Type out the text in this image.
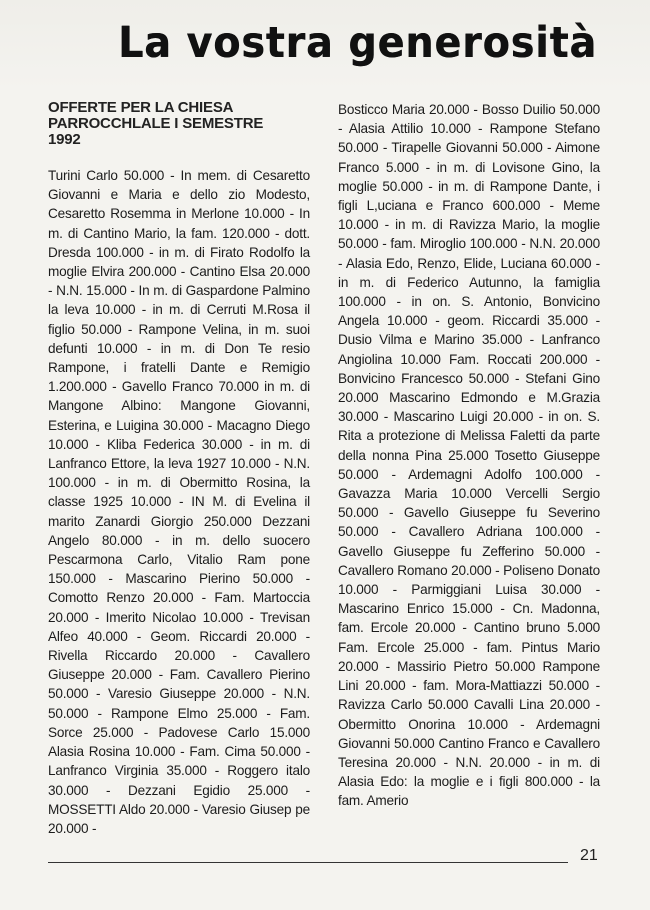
La vostra generosità
OFFERTE PER LA CHIESA PARROCCHLALE I SEMESTRE 1992

Turini Carlo 50.000 - In mem. di Cesaretto Giovanni e Maria e dello zio Modesto, Cesaretto Rosemma in Merlone 10.000 - In m. di Cantino Mario, la fam. 120.000 - dott. Dresda 100.000 - in m. di Firato Rodolfo la moglie Elvira 200.000 - Cantino Elsa 20.000 - N.N. 15.000 - In m. di Gaspardone Palmino la leva 10.000 - in m. di Cerruti M.Rosa il figlio 50.000 - Rampone Velina, in m. suoi defunti 10.000 - in m. di Don Te resio Rampone, i fratelli Dante e Remigio 1.200.000 - Gavello Franco 70.000 in m. di Mangone Albino: Mangone Giovanni, Esterina, e Luigina 30.000 - Macagno Diego 10.000 - Kliba Federica 30.000 - in m. di Lanfranco Ettore, la leva 1927 10.000 - N.N. 100.000 - in m. di Obermitto Rosina, la classe 1925 10.000 - IN M. di Evelina il marito Zanardi Giorgio 250.000 Dezzani Angelo 80.000 - in m. dello suocero Pescarmona Carlo, Vitalio Ram pone 150.000 - Mascarino Pierino 50.000 - Comotto Renzo 20.000 - Fam. Martoccia 20.000 - Imerito Nicolao 10.000 - Trevisan Alfeo 40.000 - Geom. Riccardi 20.000 - Rivella Riccardo 20.000 - Cavallero Giuseppe 20.000 - Fam. Cavallero Pierino 50.000 - Varesio Giuseppe 20.000 - N.N. 50.000 - Rampone Elmo 25.000 - Fam. Sorce 25.000 - Padovese Carlo 15.000 Alasia Rosina 10.000 - Fam. Cima 50.000 - Lanfranco Virginia 35.000 - Roggero italo 30.000 - Dezzani Egidio 25.000 - MOSSETTI Aldo 20.000 - Varesio Giusep pe 20.000 -

Bosticco Maria 20.000 - Bosso Duilio 50.000 - Alasia Attilio 10.000 - Rampone Stefano 50.000 - Tirapelle Giovanni 50.000 - Aimone Franco 5.000 - in m. di Lovisone Gino, la moglie 50.000 - in m. di Rampone Dante, i figli L,uciana e Franco 600.000 - Meme 10.000 - in m. di Ravizza Mario, la moglie 50.000 - fam. Miroglio 100.000 - N.N. 20.000 - Alasia Edo, Renzo, Elide, Luciana 60.000 - in m. di Federico Autunno, la famiglia 100.000 - in on. S. Antonio, Bonvicino Angela 10.000 - geom. Riccardi 35.000 - Dusio Vilma e Marino 35.000 - Lanfranco Angiolina 10.000 Fam. Roccati 200.000 - Bonvicino Francesco 50.000 - Stefani Gino 20.000 Mascarino Edmondo e M.Grazia 30.000 - Mascarino Luigi 20.000 - in on. S. Rita a protezione di Melissa Faletti da parte della nonna Pina 25.000 Tosetto Giuseppe 50.000 - Ardemagni Adolfo 100.000 - Gavazza Maria 10.000 Vercelli Sergio 50.000 - Gavello Giuseppe fu Severino 50.000 - Cavallero Adriana 100.000 - Gavello Giuseppe fu Zefferino 50.000 - Cavallero Romano 20.000 - Poliseno Donato 10.000 - Parmiggiani Luisa 30.000 - Mascarino Enrico 15.000 - Cn. Madonna, fam. Ercole 20.000 - Cantino bruno 5.000 Fam. Ercole 25.000 - fam. Pintus Mario 20.000 - Massirio Pietro 50.000 Rampone Lini 20.000 - fam. Mora-Mattiazzi 50.000 - Ravizza Carlo 50.000 Cavalli Lina 20.000 - Obermitto Onorina 10.000 - Ardemagni Giovanni 50.000 Cantino Franco e Cavallero Teresina 20.000 - N.N. 20.000 - in m. di Alasia Edo: la moglie e i figli 800.000 - la fam. Amerio

21
